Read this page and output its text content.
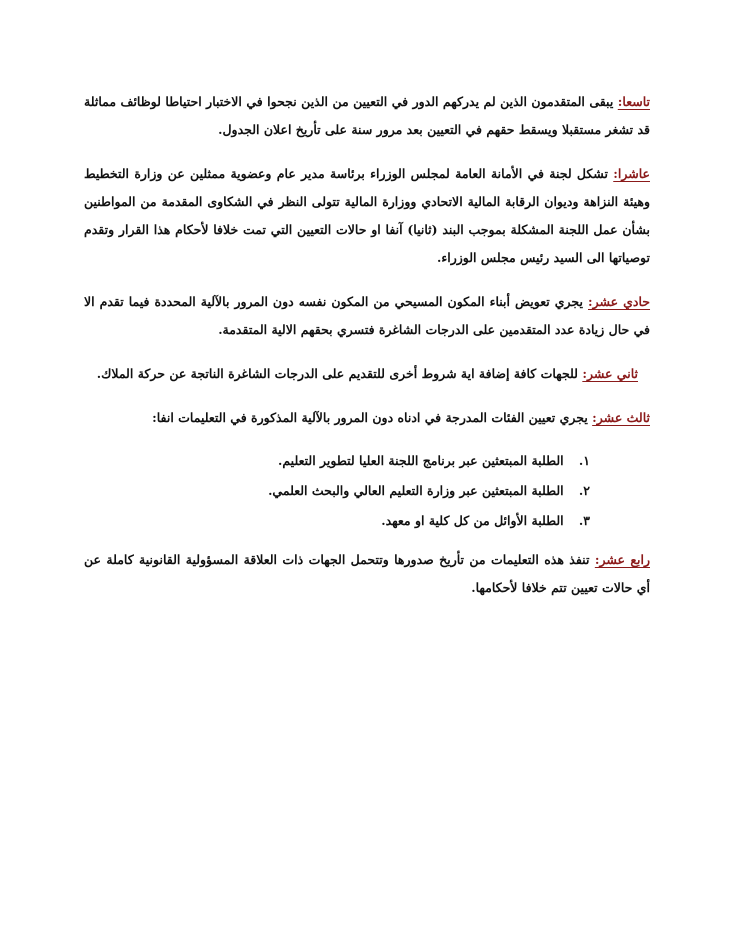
تاسعا: يبقى المتقدمون الذين لم يدركهم الدور في التعيين من الذين نجحوا في الاختبار احتياطا لوظائف مماثلة قد تشغر مستقبلا ويسقط حقهم في التعيين بعد مرور سنة على تأريخ اعلان الجدول.

عاشرا: تشكل لجنة في الأمانة العامة لمجلس الوزراء برئاسة مدير عام وعضوية ممثلين عن وزارة التخطيط وهيئة النزاهة وديوان الرقابة المالية الاتحادي ووزارة المالية تتولى النظر في الشكاوى المقدمة من المواطنين بشأن عمل اللجنة المشكلة بموجب البند (ثانيا) آنفا او حالات التعيين التي تمت خلافا لأحكام هذا القرار وتقدم توصياتها الى السيد رئيس مجلس الوزراء.

حادي عشر: يجري تعويض أبناء المكون المسيحي من المكون نفسه دون المرور بالآلية المحددة فيما تقدم الا في حال زيادة عدد المتقدمين على الدرجات الشاغرة فتسري بحقهم الالية المتقدمة.

ثاني عشر: للجهات كافة إضافة اية شروط أخرى للتقديم على الدرجات الشاغرة الناتجة عن حركة الملاك.

ثالث عشر: يجري تعيين الفئات المدرجة في ادناه دون المرور بالآلية المذكورة في التعليمات انفا:

١. الطلبة المبتعثين عبر برنامج اللجنة العليا لتطوير التعليم.
٢. الطلبة المبتعثين عبر وزارة التعليم العالي والبحث العلمي.
٣. الطلبة الأوائل من كل كلية او معهد.

رابع عشر: تنفذ هذه التعليمات من تأريخ صدورها وتتحمل الجهات ذات العلاقة المسؤولية القانونية كاملة عن أي حالات تعيين تتم خلافا لأحكامها.
